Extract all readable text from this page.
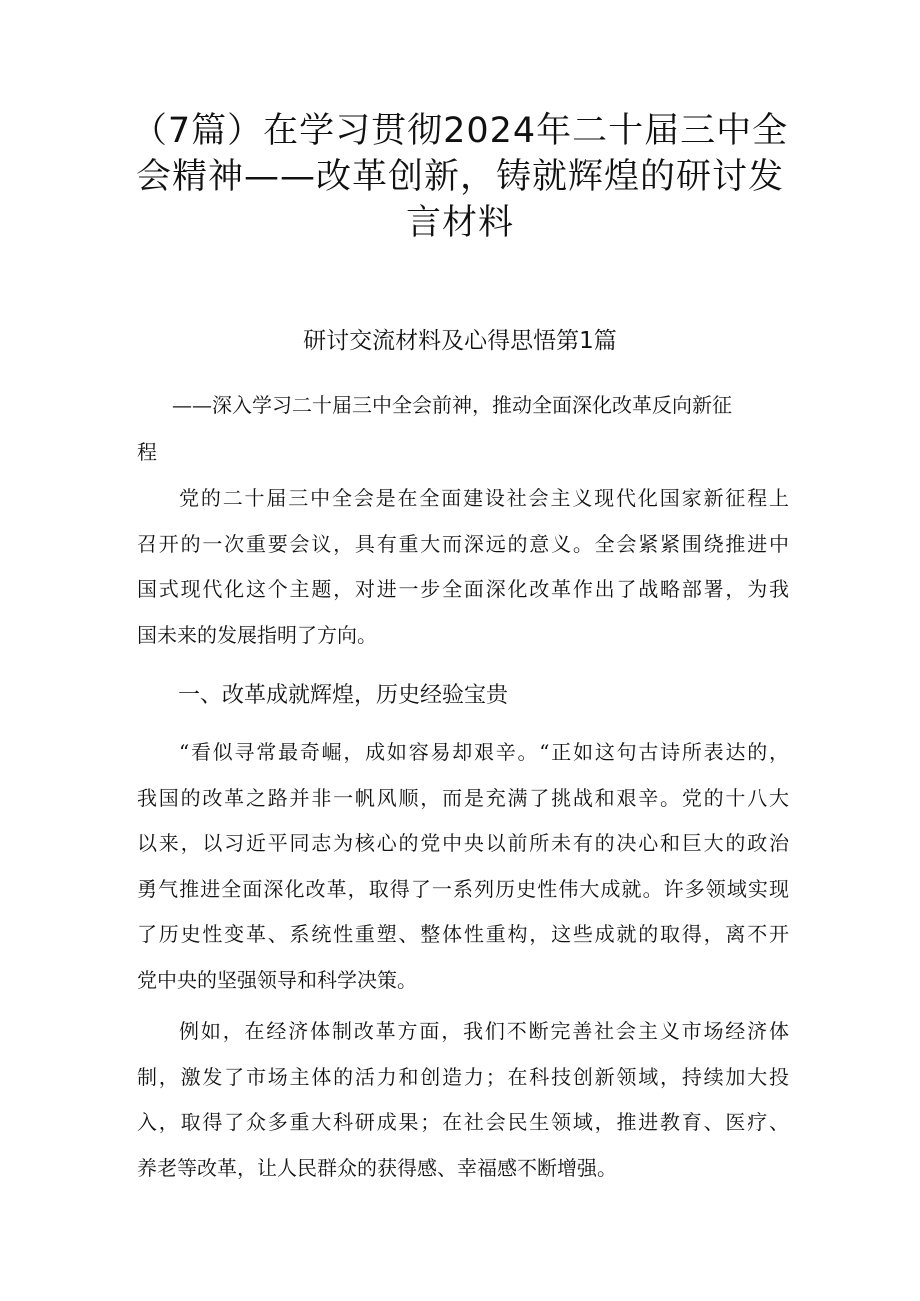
（7篇）在学习贯彻2024年二十届三中全
会精神——改革创新，铸就辉煌的研讨发
言材料
研讨交流材料及心得思悟第1篇

——深入学习二十届三中全会前神，推动全面深化改革反向新征
程

党的二十届三中全会是在全面建设社会主义现代化国家新征程上
召开的一次重要会议，具有重大而深远的意义。全会紧紧围绕推进中
国式现代化这个主题，对进一步全面深化改革作出了战略部署，为我
国未来的发展指明了方向。

一、改革成就辉煌，历史经验宝贵

“看似寻常最奇崛，成如容易却艰辛。“正如这句古诗所表达的，
我国的改革之路并非一帆风顺，而是充满了挑战和艰辛。党的十八大
以来，以习近平同志为核心的党中央以前所未有的决心和巨大的政治
勇气推进全面深化改革，取得了一系列历史性伟大成就。许多领域实现
了历史性变革、系统性重塑、整体性重构，这些成就的取得，离不开
党中央的坚强领导和科学决策。

例如，在经济体制改革方面，我们不断完善社会主义市场经济体
制，激发了市场主体的活力和创造力；在科技创新领域，持续加大投
入，取得了众多重大科研成果；在社会民生领域，推进教育、医疗、
养老等改革，让人民群众的获得感、幸福感不断增强。
